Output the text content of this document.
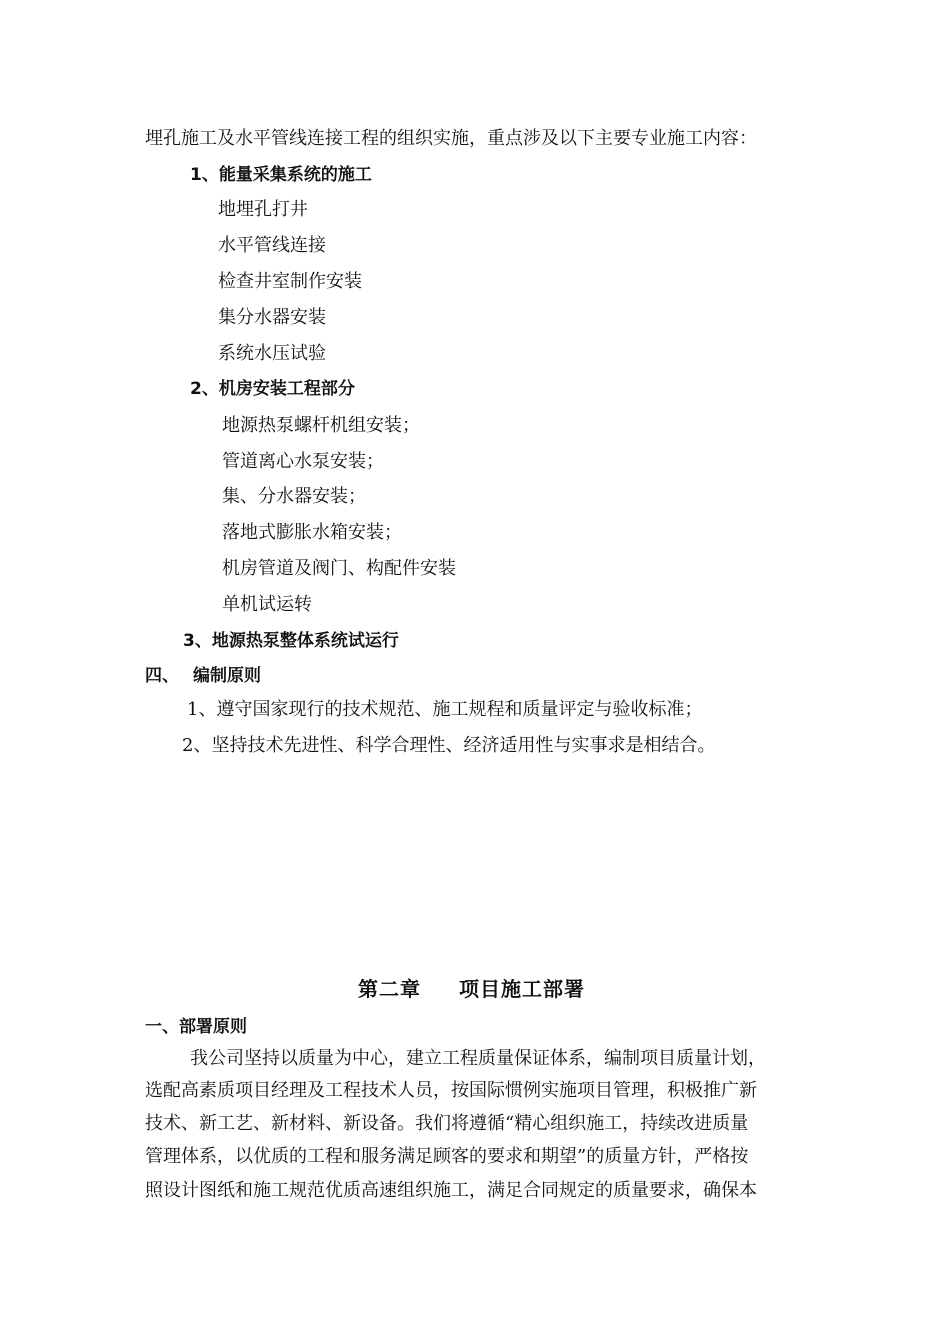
埋孔施工及水平管线连接工程的组织实施，重点涉及以下主要专业施工内容：
1、能量采集系统的施工
地埋孔打井
水平管线连接
检查井室制作安装
集分水器安装
系统水压试验
2、机房安装工程部分
地源热泵螺杆机组安装；
管道离心水泵安装；
集、分水器安装；
落地式膨胀水箱安装；
机房管道及阀门、构配件安装
单机试运转
3、地源热泵整体系统试运行
四、 编制原则
1、遵守国家现行的技术规范、施工规程和质量评定与验收标准；
2、坚持技术先进性、科学合理性、经济适用性与实事求是相结合。
第二章 项目施工部署
一、部署原则
我公司坚持以质量为中心，建立工程质量保证体系，编制项目质量计划，
选配高素质项目经理及工程技术人员，按国际惯例实施项目管理，积极推广新
技术、新工艺、新材料、新设备。我们将遵循“精心组织施工，持续改进质量
管理体系，以优质的工程和服务满足顾客的要求和期望”的质量方针，严格按
照设计图纸和施工规范优质高速组织施工，满足合同规定的质量要求，确保本
